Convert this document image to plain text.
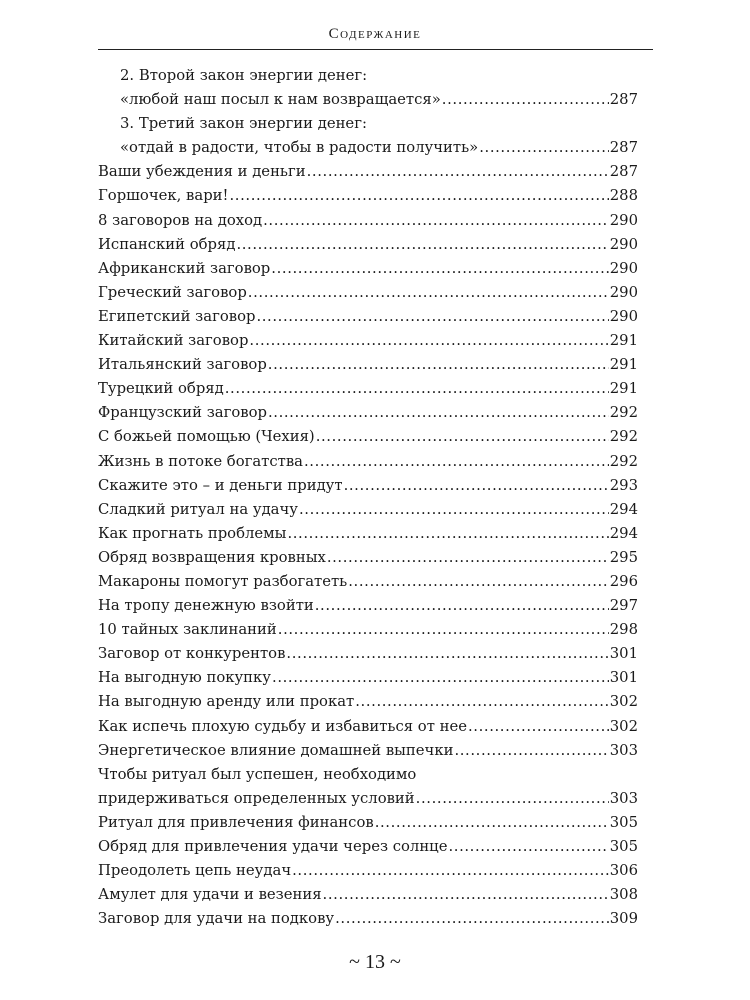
Содержание
2. Второй закон энергии денег:
«любой наш посыл к нам возвращается» .....	287
3. Третий закон энергии денег:
«отдай в радости, чтобы в радости получить» .....	287
Ваши убеждения и деньги .....	287
Горшочек, вари! .....	288
8 заговоров на доход .....	290
Испанский обряд .....	290
Африканский заговор .....	290
Греческий заговор .....	290
Египетский заговор .....	290
Китайский заговор .....	291
Итальянский заговор .....	291
Турецкий обряд .....	291
Французский заговор .....	292
С божьей помощью (Чехия) .....	292
Жизнь в потоке богатства .....	292
Скажите это – и деньги придут .....	293
Сладкий ритуал на удачу .....	294
Как прогнать проблемы .....	294
Обряд возвращения кровных .....	295
Макароны помогут разбогатеть .....	296
На тропу денежную взойти .....	297
10 тайных заклинаний .....	298
Заговор от конкурентов .....	301
На выгодную покупку .....	301
На выгодную аренду или прокат .....	302
Как испечь плохую судьбу и избавиться от нее .....	302
Энергетическое влияние домашней выпечки .....	303
Чтобы ритуал был успешен, необходимо
придерживаться определенных условий .....	303
Ритуал для привлечения финансов .....	305
Обряд для привлечения удачи через солнце .....	305
Преодолеть цепь неудач .....	306
Амулет для удачи и везения .....	308
Заговор для удачи на подкову .....	309
~ 13 ~
